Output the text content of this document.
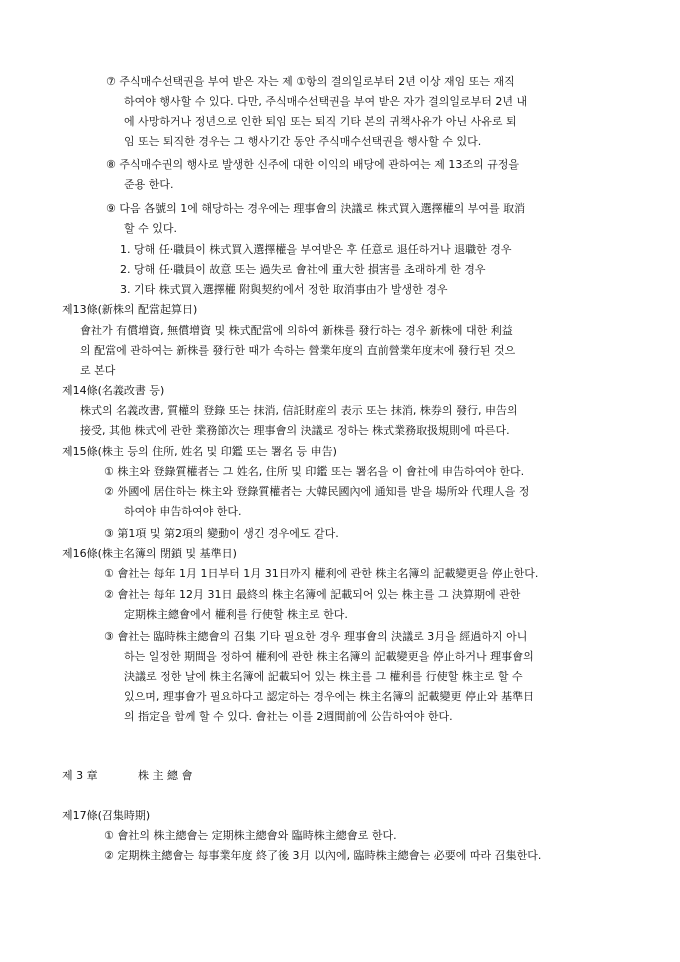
⑦ 주식매수선택권을 부여 받은 자는 제 ①항의 결의일로부터 2년 이상 재임 또는 재직
하여야 행사할 수 있다. 다만, 주식매수선택권을 부여 받은 자가 결의일로부터 2년 내
에 사망하거나 정년으로 인한 퇴임 또는 퇴직 기타 본의 귀책사유가 아닌 사유로 퇴
임 또는 퇴직한 경우는 그 행사기간 동안 주식매수선택권을 행사할 수 있다.
⑧ 주식매수권의 행사로 발생한 신주에 대한 이익의 배당에 관하여는 제 13조의 규정을
준용 한다.
⑨ 다음 各號의 1에 해당하는 경우에는 理事會의 決議로 株式買入選擇權의 부여를 取消
할 수 있다.
1. 당해 任·職員이 株式買入選擇權을 부여받은 후 任意로 退任하거나 退職한 경우
2. 당해 任·職員이 故意 또는 過失로 會社에 重大한 損害를 초래하게 한 경우
3. 기타 株式買入選擇權 附與契約에서 정한 取消事由가 발생한 경우
제13條(新株의 配當起算日)
會社가 有償增資, 無償增資 및 株式配當에 의하여 新株를 發行하는 경우 新株에 대한 利益
의 配當에 관하여는 新株를 發行한 때가 속하는 營業年度의 直前營業年度末에 發行된 것으
로 본다
제14條(名義改書 등)
株式의 名義改書, 質權의 登錄 또는 抹消, 信託財産의 表示 또는 抹消, 株券의 發行, 申告의
接受, 其他 株式에 관한 業務節次는 理事會의 決議로 정하는 株式業務取扱規則에 따른다.
제15條(株主 등의 住所, 姓名 및 印鑑 또는 署名 등 申告)
① 株主와 登錄質權者는 그 姓名, 住所 및 印鑑 또는 署名을 이 會社에 申告하여야 한다.
② 外國에 居住하는 株主와 登錄質權者는 大韓民國內에 通知를 받을 場所와 代理人을 정
하여야 申告하여야 한다.
③ 第1項 및 第2項의 變動이 생긴 경우에도 같다.
제16條(株主名簿의 閉鎖 및 基準日)
① 會社는 每年 1月 1日부터 1月 31日까지 權利에 관한 株主名簿의 記載變更을 停止한다.
② 會社는 每年 12月 31日 最終의 株主名簿에 記載되어 있는 株主를 그 決算期에 관한
定期株主總會에서 權利를 行使할 株主로 한다.
③ 會社는 臨時株主總會의 召集 기타 필요한 경우 理事會의 決議로 3月을 經過하지 아니
하는 일정한 期間을 정하여 權利에 관한 株主名簿의 記載變更을 停止하거나 理事會의
決議로 정한 날에 株主名簿에 記載되어 있는 株主를 그 權利를 行使할 株主로 할 수
있으며, 理事會가 필요하다고 認定하는 경우에는 株主名簿의 記載變更 停止와 基準日
의 指定을 함께 할 수 있다. 會社는 이를 2週間前에 公告하여야 한다.
제 3 章	株 主 總 會
제17條(召集時期)
① 會社의 株主總會는 定期株主總會와 臨時株主總會로 한다.
② 定期株主總會는 每事業年度 終了後 3月 以內에, 臨時株主總會는 必要에 따라 召集한다.
